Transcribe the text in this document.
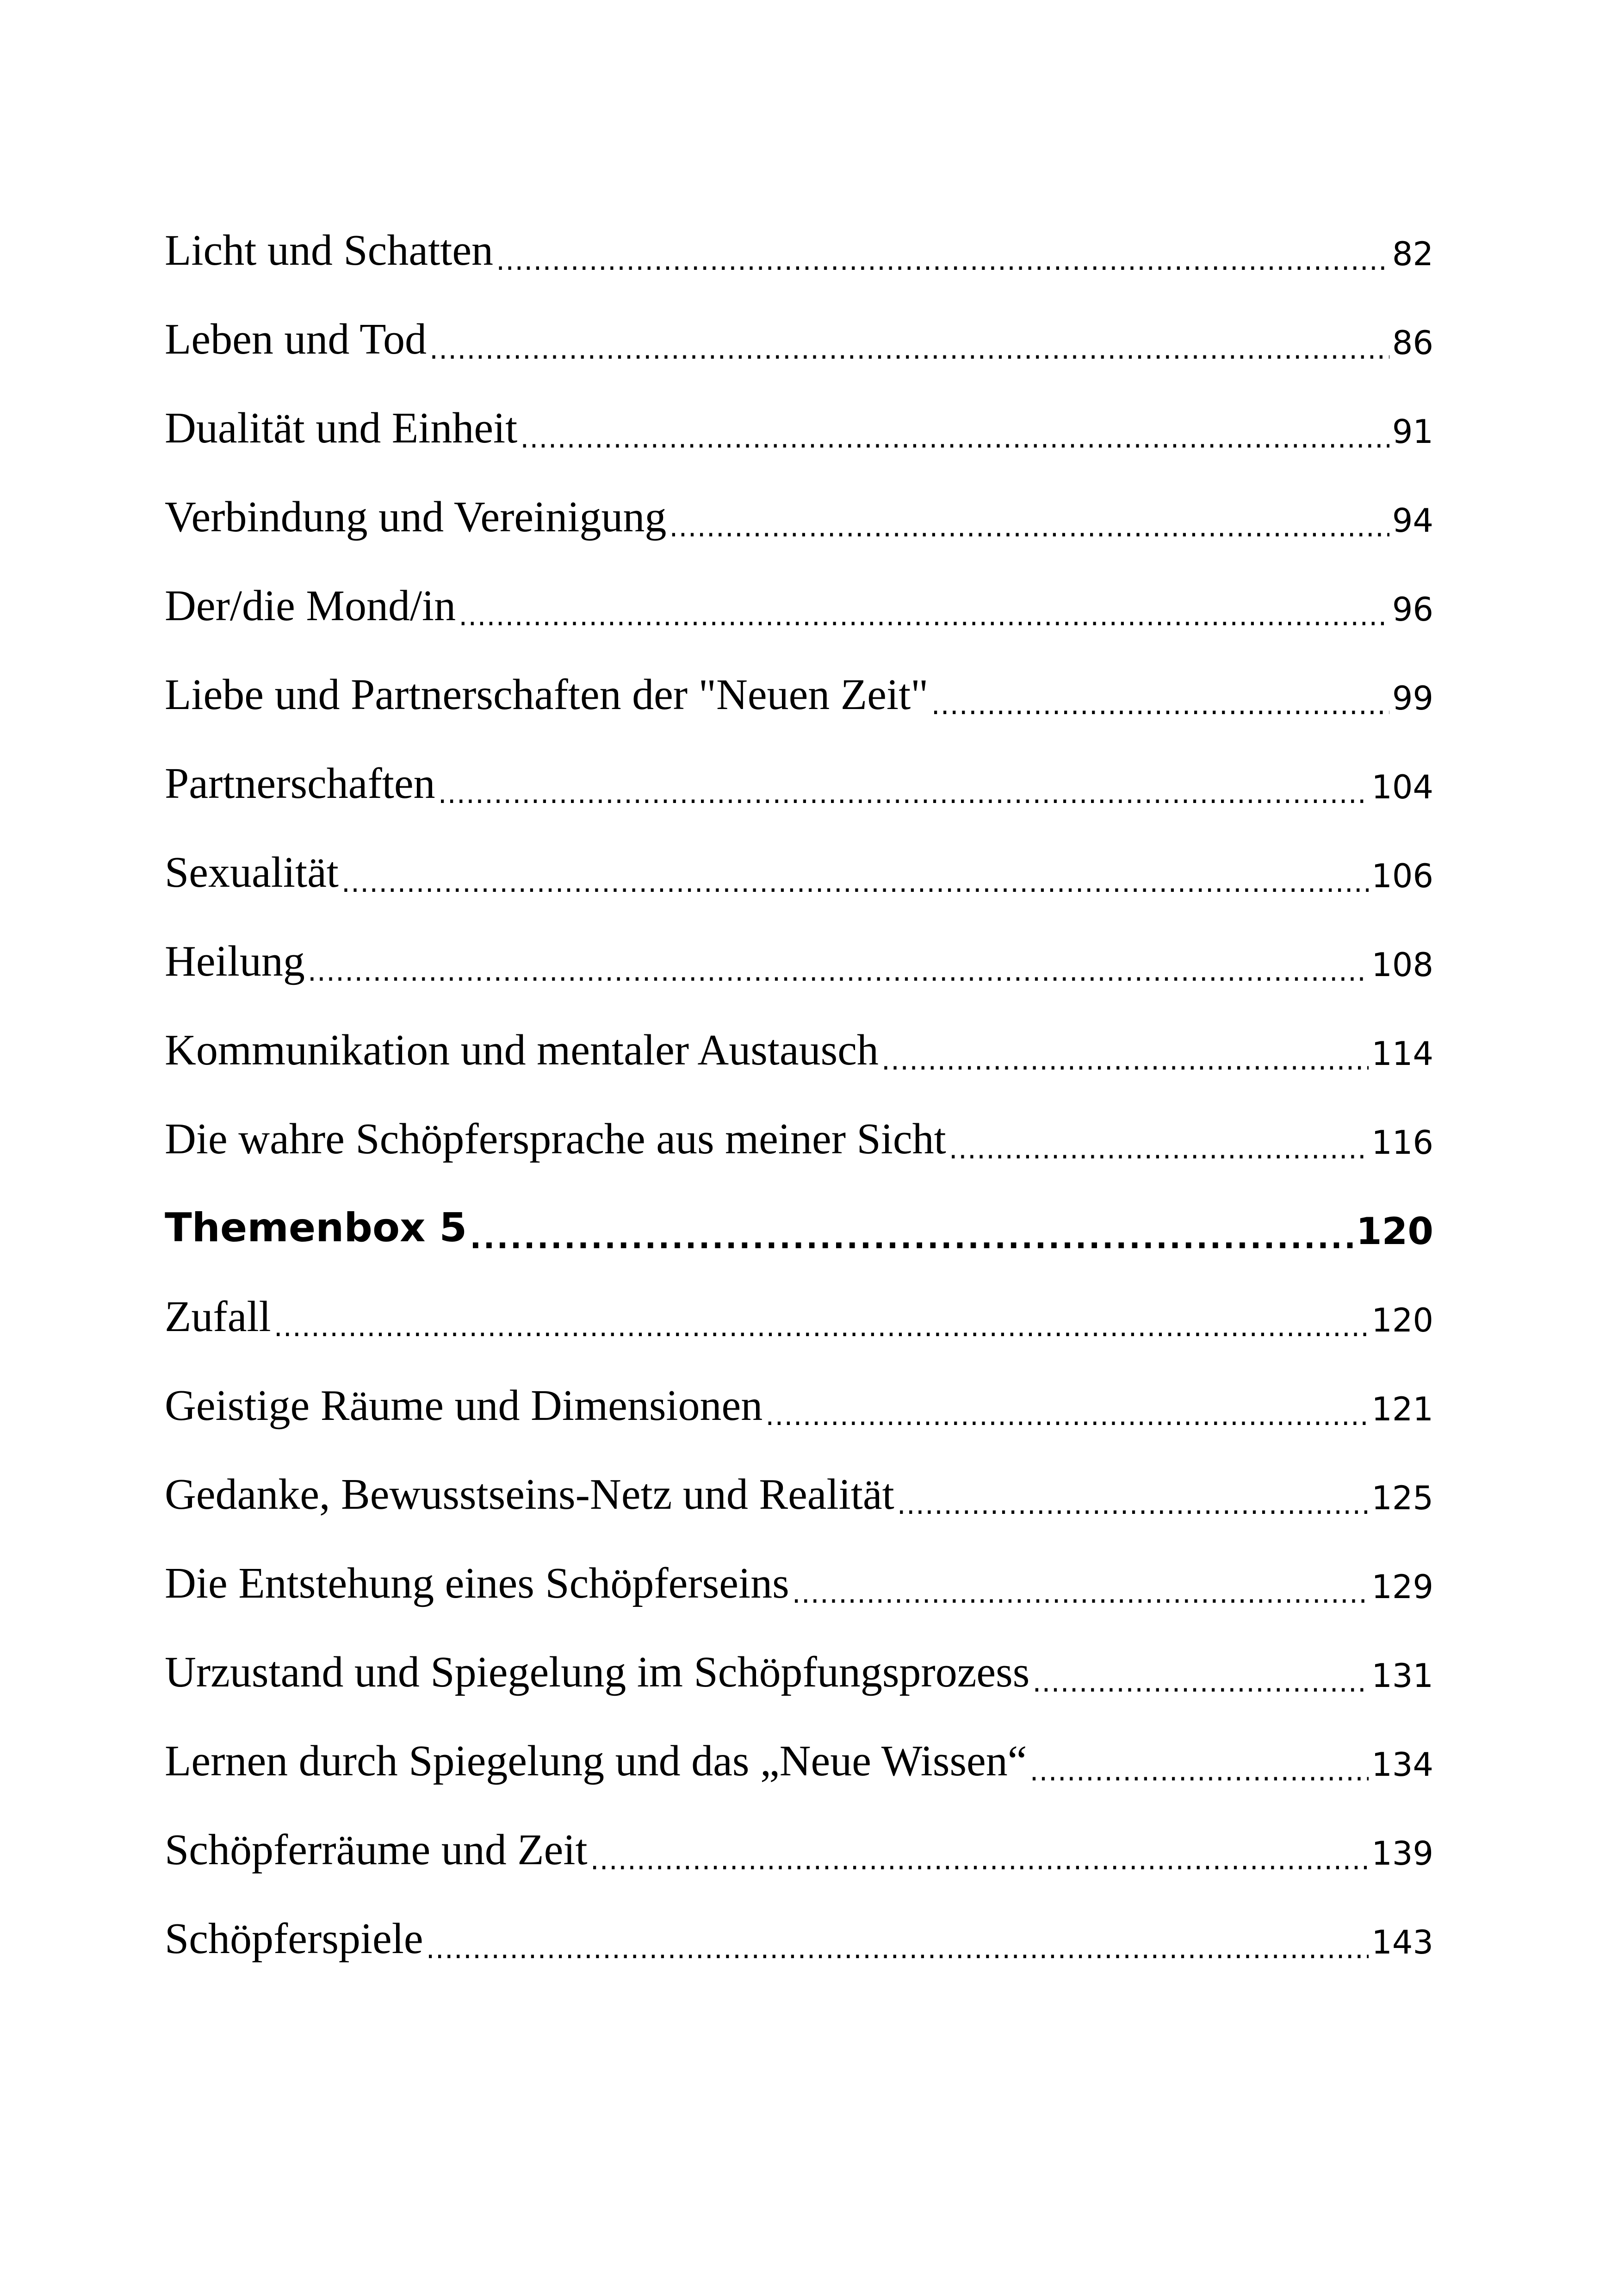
Licht und Schatten .....	82
Leben und Tod .....	86
Dualität und Einheit .....	91
Verbindung und Vereinigung .....	94
Der/die Mond/in .....	96
Liebe und Partnerschaften der "Neuen Zeit" .....	99
Partnerschaften .....	104
Sexualität .....	106
Heilung .....	108
Kommunikation und mentaler Austausch .....	114
Die wahre Schöpfersprache aus meiner Sicht .....	116
Themenbox 5 .....	120
Zufall .....	120
Geistige Räume und Dimensionen .....	121
Gedanke, Bewusstseins-Netz und Realität .....	125
Die Entstehung eines Schöpferseins .....	129
Urzustand und Spiegelung im Schöpfungsprozess .....	131
Lernen durch Spiegelung und das „Neue Wissen“ .....	134
Schöpferräume und Zeit .....	139
Schöpferspiele .....	143
